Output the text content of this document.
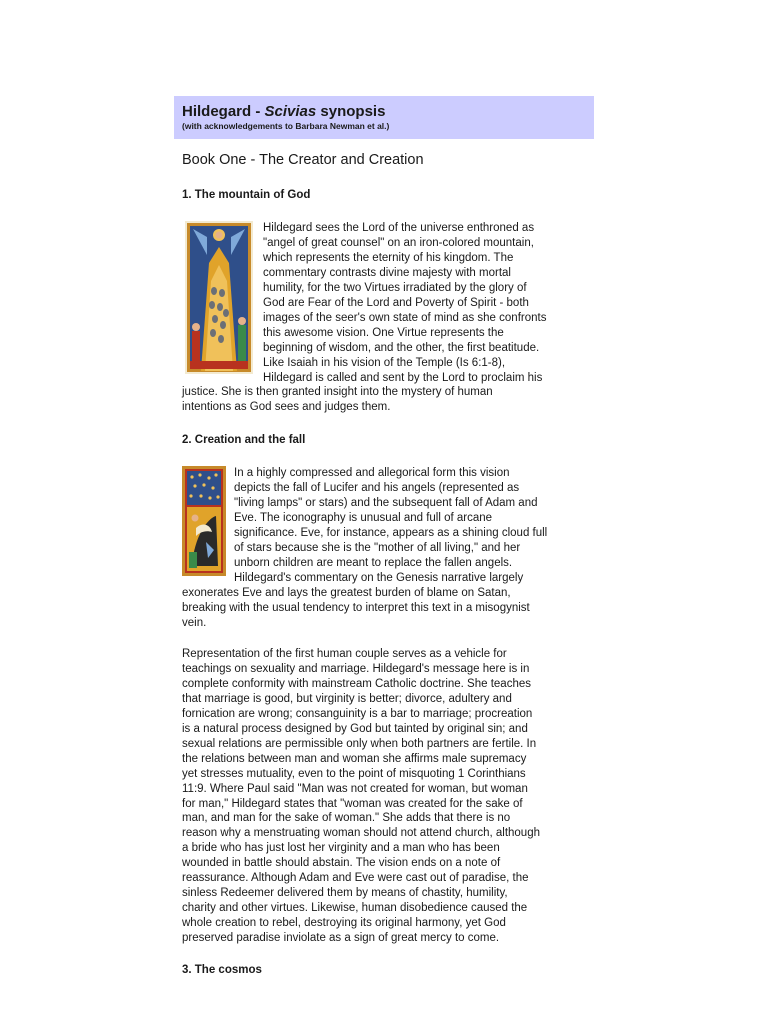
Hildegard - Scivias synopsis

(with acknowledgements to Barbara Newman et al.)

Book One - The Creator and Creation
1. The mountain of God
Hildegard sees the Lord of the universe enthroned as
"angel of great counsel" on an iron-colored mountain,
which represents the eternity of his kingdom. The
commentary contrasts divine majesty with mortal
humility, for the two Virtues irradiated by the glory of
God are Fear of the Lord and Poverty of Spirit - both
images of the seer's own state of mind as she confronts
this awesome vision. One Virtue represents the
beginning of wisdom, and the other, the first beatitude.
Like Isaiah in his vision of the Temple (Is 6:1-8),
Hildegard is called and sent by the Lord to proclaim his
justice. She is then granted insight into the mystery of human
intentions as God sees and judges them.
2. Creation and the fall
In a highly compressed and allegorical form this vision
depicts the fall of Lucifer and his angels (represented as
"living lamps" or stars) and the subsequent fall of Adam and
Eve. The iconography is unusual and full of arcane
significance. Eve, for instance, appears as a shining cloud full
of stars because she is the "mother of all living," and her
unborn children are meant to replace the fallen angels.
Hildegard's commentary on the Genesis narrative largely
exonerates Eve and lays the greatest burden of blame on Satan,
breaking with the usual tendency to interpret this text in a misogynist
vein.
Representation of the first human couple serves as a vehicle for
teachings on sexuality and marriage. Hildegard's message here is in
complete conformity with mainstream Catholic doctrine. She teaches
that marriage is good, but virginity is better; divorce, adultery and
fornication are wrong; consanguinity is a bar to marriage; procreation
is a natural process designed by God but tainted by original sin; and
sexual relations are permissible only when both partners are fertile. In
the relations between man and woman she affirms male supremacy
yet stresses mutuality, even to the point of misquoting 1 Corinthians
11:9. Where Paul said "Man was not created for woman, but woman
for man," Hildegard states that "woman was created for the sake of
man, and man for the sake of woman." She adds that there is no
reason why a menstruating woman should not attend church, although
a bride who has just lost her virginity and a man who has been
wounded in battle should abstain. The vision ends on a note of
reassurance. Although Adam and Eve were cast out of paradise, the
sinless Redeemer delivered them by means of chastity, humility,
charity and other virtues. Likewise, human disobedience caused the
whole creation to rebel, destroying its original harmony, yet God
preserved paradise inviolate as a sign of great mercy to come.
3. The cosmos
